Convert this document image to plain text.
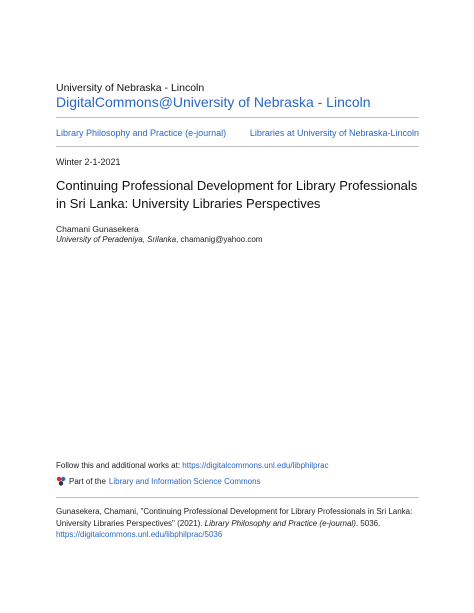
University of Nebraska - Lincoln
DigitalCommons@University of Nebraska - Lincoln
Library Philosophy and Practice (e-journal)	Libraries at University of Nebraska-Lincoln
Winter 2-1-2021
Continuing Professional Development for Library Professionals in Sri Lanka: University Libraries Perspectives
Chamani Gunasekera
University of Peradeniya, Srilanka, chamanig@yahoo.com
Follow this and additional works at: https://digitalcommons.unl.edu/libphilprac
Part of the Library and Information Science Commons
Gunasekera, Chamani, "Continuing Professional Development for Library Professionals in Sri Lanka: University Libraries Perspectives" (2021). Library Philosophy and Practice (e-journal). 5036.
https://digitalcommons.unl.edu/libphilprac/5036
